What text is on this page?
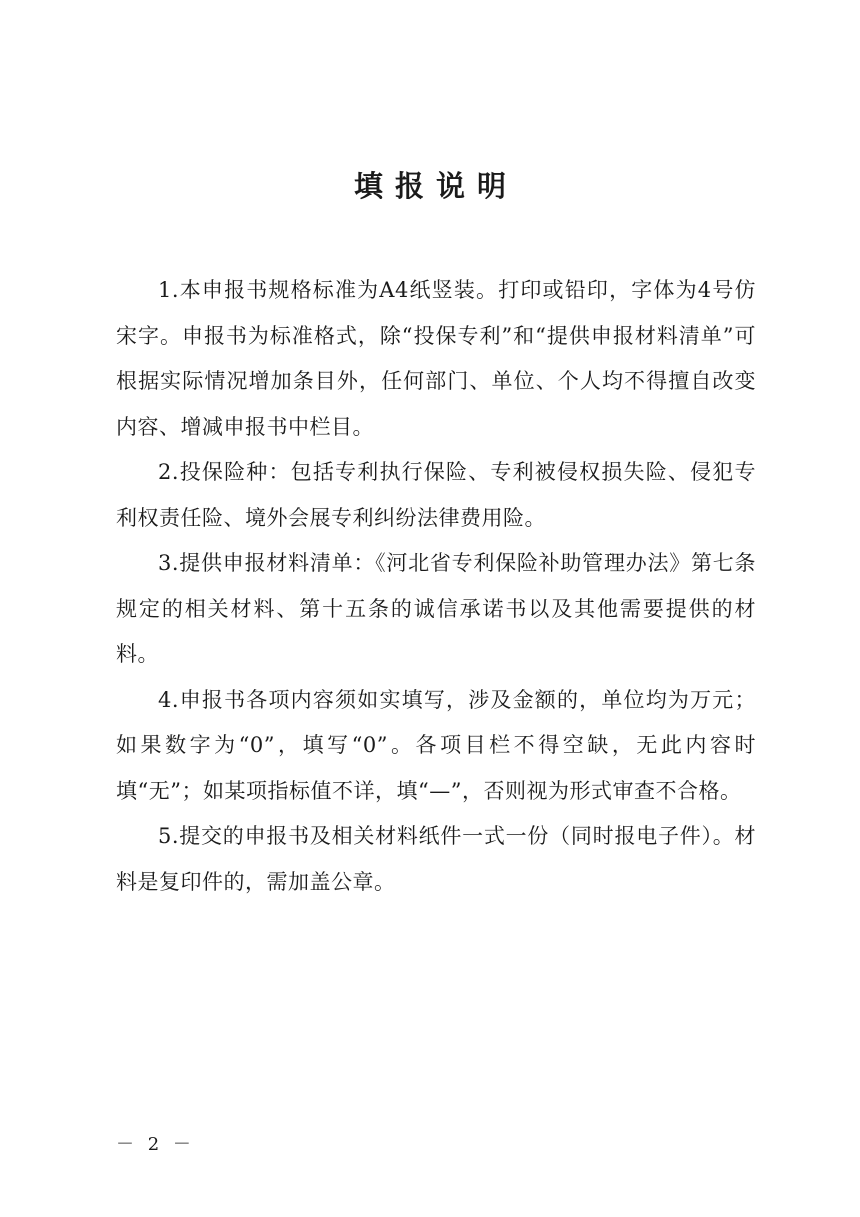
填报说明

1.本申报书规格标准为A4纸竖装。打印或铅印，字体为4号仿宋字。申报书为标准格式，除“投保专利”和“提供申报材料清单”可根据实际情况增加条目外，任何部门、单位、个人均不得擅自改变内容、增减申报书中栏目。

2.投保险种：包括专利执行保险、专利被侵权损失险、侵犯专利权责任险、境外会展专利纠纷法律费用险。

3.提供申报材料清单：《河北省专利保险补助管理办法》第七条规定的相关材料、第十五条的诚信承诺书以及其他需要提供的材料。

4.申报书各项内容须如实填写，涉及金额的，单位均为万元；如果数字为“0”，填写“0”。各项目栏不得空缺，无此内容时填“无”；如某项指标值不详，填“—”，否则视为形式审查不合格。

5.提交的申报书及相关材料纸件一式一份（同时报电子件）。材料是复印件的，需加盖公章。

－ 2 －
